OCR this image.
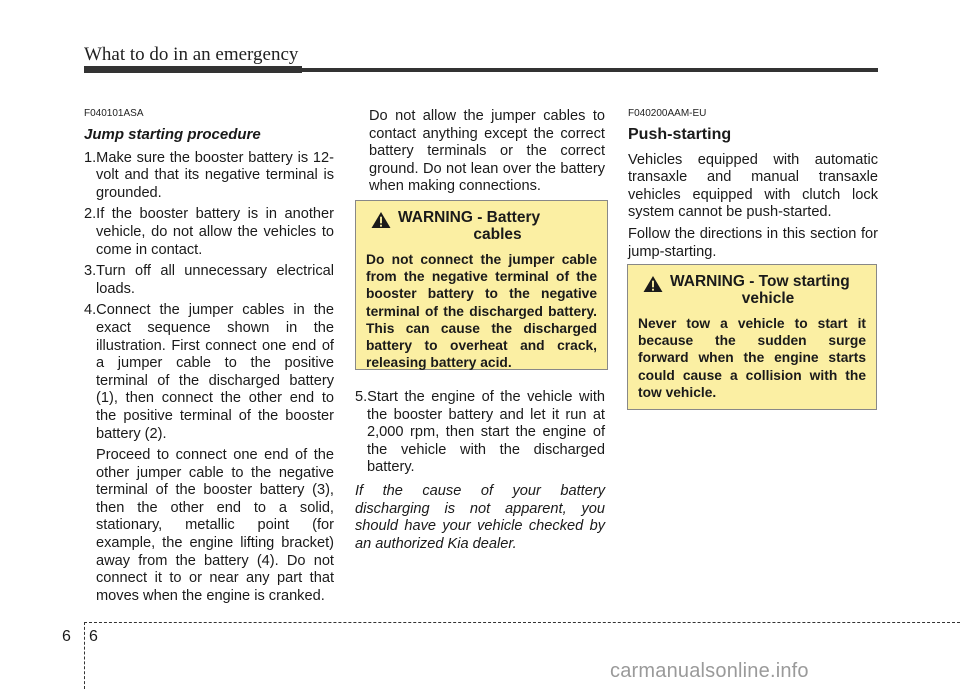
What to do in an emergency

F040101ASA

Jump starting procedure

1.Make sure the booster battery is 12-volt and that its negative terminal is grounded.

2.If the booster battery is in another vehicle, do not allow the vehicles to come in contact.

3.Turn off all unnecessary electrical loads.

4.Connect the jumper cables in the exact sequence shown in the illustration. First connect one end of a jumper cable to the positive terminal of the discharged battery (1), then connect the other end to the positive terminal of the booster battery (2).

Proceed to connect one end of the other jumper cable to the negative terminal of the booster battery (3), then the other end to a solid, stationary, metallic point (for example, the engine lifting bracket) away from the battery (4). Do not connect it to or near any part that moves when the engine is cranked.

Do not allow the jumper cables to contact anything except the correct battery terminals or the correct ground. Do not lean over the battery when making connections.

WARNING - Battery
cables
Do not connect the jumper cable from the negative terminal of the booster battery to the negative terminal of the discharged battery. This can cause the discharged battery to overheat and crack, releasing battery acid.

5.Start the engine of the vehicle with the booster battery and let it run at 2,000 rpm, then start the engine of the vehicle with the discharged battery.

If the cause of your battery discharging is not apparent, you should have your vehicle checked by an authorized Kia dealer.

F040200AAM-EU

Push-starting

Vehicles equipped with automatic transaxle and manual transaxle vehicles equipped with clutch lock system cannot be push-started.

Follow the directions in this section for jump-starting.

WARNING - Tow starting
vehicle
Never tow a vehicle to start it because the sudden surge forward when the engine starts could cause a collision with the tow vehicle.
6 6
carmanualsonline.info
